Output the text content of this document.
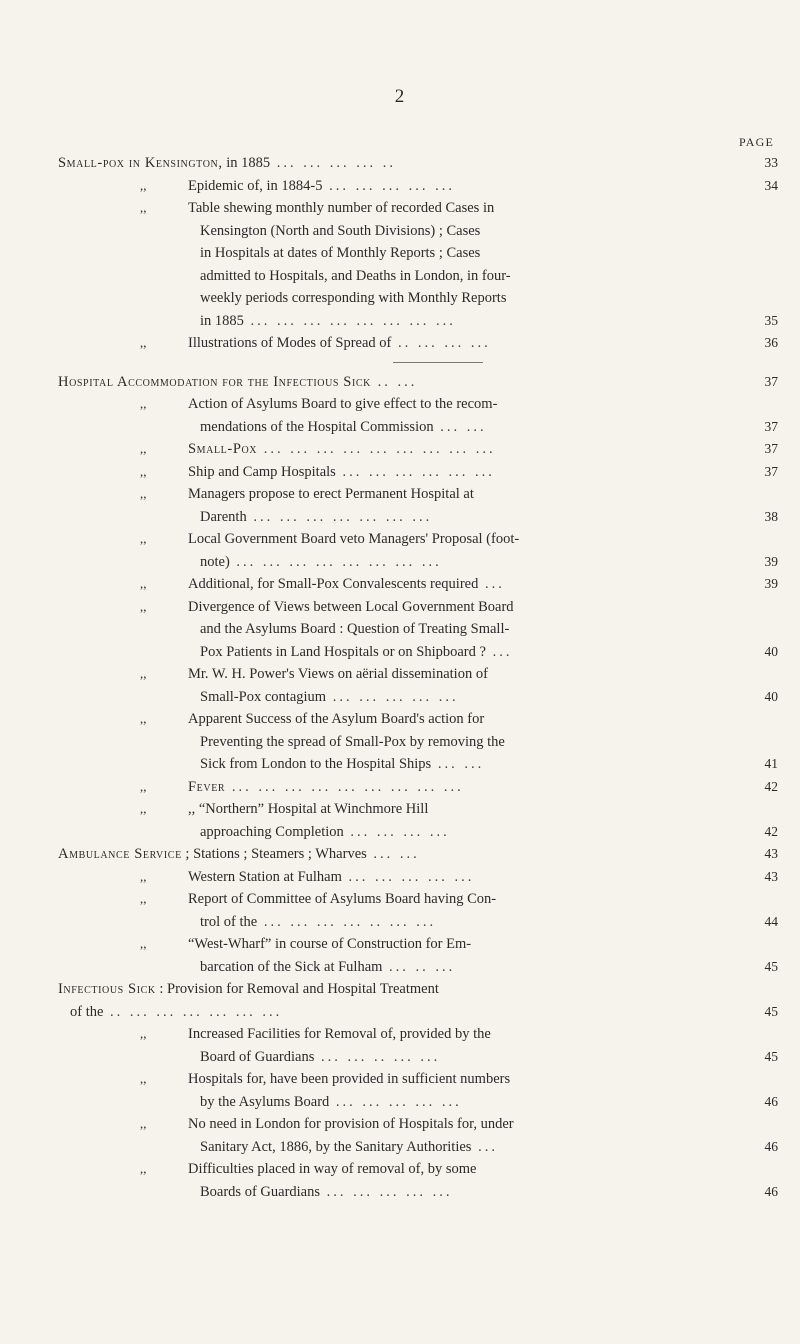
2
PAGE
Small-pox in Kensington, in 1885 ... ... ... ... ..	33
,,	Epidemic of, in 1884-5 ... ... ... ... ...	34
,,	Table shewing monthly number of recorded Cases in
Kensington (North and South Divisions) ; Cases
in Hospitals at dates of Monthly Reports ; Cases
admitted to Hospitals, and Deaths in London, in four-
weekly periods corresponding with Monthly Reports
in 1885 ... ... ... ... ... ... ... ...	35
,,	Illustrations of Modes of Spread of .. ... ... ...	36
Hospital Accommodation for the Infectious Sick .. ...	37
,,	Action of Asylums Board to give effect to the recom-
mendations of the Hospital Commission ... ...	37
,,	Small-Pox ... ... ... ... ... ... ... ... ...	37
,,	Ship and Camp Hospitals ... ... ... ... ... ...	37
,,	Managers propose to erect Permanent Hospital at
Darenth ... ... ... ... ... ... ...	38
,,	Local Government Board veto Managers' Proposal (foot-
note) ... ... ... ... ... ... ... ...	39
,,	Additional, for Small-Pox Convalescents required ...	39
,,	Divergence of Views between Local Government Board
and the Asylums Board : Question of Treating Small-
Pox Patients in Land Hospitals or on Shipboard ? ...	40
,,	Mr. W. H. Power's Views on aërial dissemination of
Small-Pox contagium ... ... ... ... ...	40
,,	Apparent Success of the Asylum Board's action for
Preventing the spread of Small-Pox by removing the
Sick from London to the Hospital Ships ... ...	41
,,	Fever ... ... ... ... ... ... ... ... ...	42
,,	,, “Northern” Hospital at Winchmore Hill
approaching Completion ... ... ... ...	42
Ambulance Service ; Stations ; Steamers ; Wharves ... ...	43
,,	Western Station at Fulham ... ... ... ... ...	43
,,	Report of Committee of Asylums Board having Con-
trol of the ... ... ... ... .. ... ...	44
,,	“West-Wharf” in course of Construction for Em-
barcation of the Sick at Fulham ... .. ...	45
Infectious Sick : Provision for Removal and Hospital Treatment
of the .. ... ... ... ... ... ...	45
,,	Increased Facilities for Removal of, provided by the
Board of Guardians ... ... .. ... ...	45
,,	Hospitals for, have been provided in sufficient numbers
by the Asylums Board ... ... ... ... ...	46
,,	No need in London for provision of Hospitals for, under
Sanitary Act, 1886, by the Sanitary Authorities ...	46
,,	Difficulties placed in way of removal of, by some
Boards of Guardians ... ... ... ... ...	46
